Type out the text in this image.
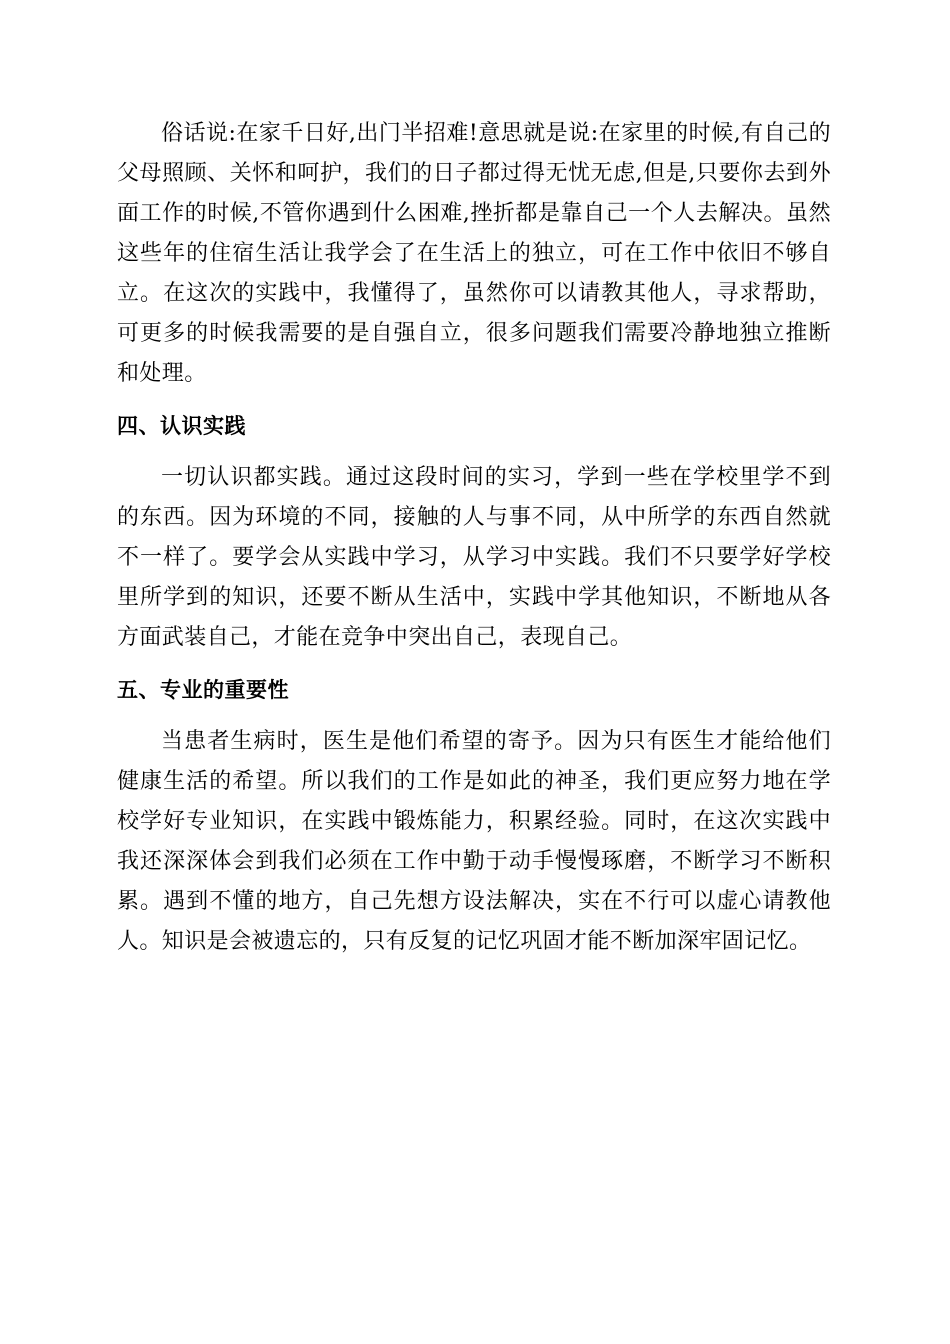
俗话说:在家千日好,出门半招难!意思就是说:在家里的时候,有自己的父母照顾、关怀和呵护，我们的日子都过得无忧无虑,但是,只要你去到外面工作的时候,不管你遇到什么困难,挫折都是靠自己一个人去解决。虽然这些年的住宿生活让我学会了在生活上的独立，可在工作中依旧不够自立。在这次的实践中，我懂得了，虽然你可以请教其他人，寻求帮助，可更多的时候我需要的是自强自立，很多问题我们需要冷静地独立推断和处理。

四、认识实践

一切认识都实践。通过这段时间的实习，学到一些在学校里学不到的东西。因为环境的不同，接触的人与事不同，从中所学的东西自然就不一样了。要学会从实践中学习，从学习中实践。我们不只要学好学校里所学到的知识，还要不断从生活中，实践中学其他知识，不断地从各方面武装自己，才能在竞争中突出自己，表现自己。

五、专业的重要性

当患者生病时，医生是他们希望的寄予。因为只有医生才能给他们健康生活的希望。所以我们的工作是如此的神圣，我们更应努力地在学校学好专业知识，在实践中锻炼能力，积累经验。同时，在这次实践中我还深深体会到我们必须在工作中勤于动手慢慢琢磨，不断学习不断积累。遇到不懂的地方，自己先想方设法解决，实在不行可以虚心请教他人。知识是会被遗忘的，只有反复的记忆巩固才能不断加深牢固记忆。
